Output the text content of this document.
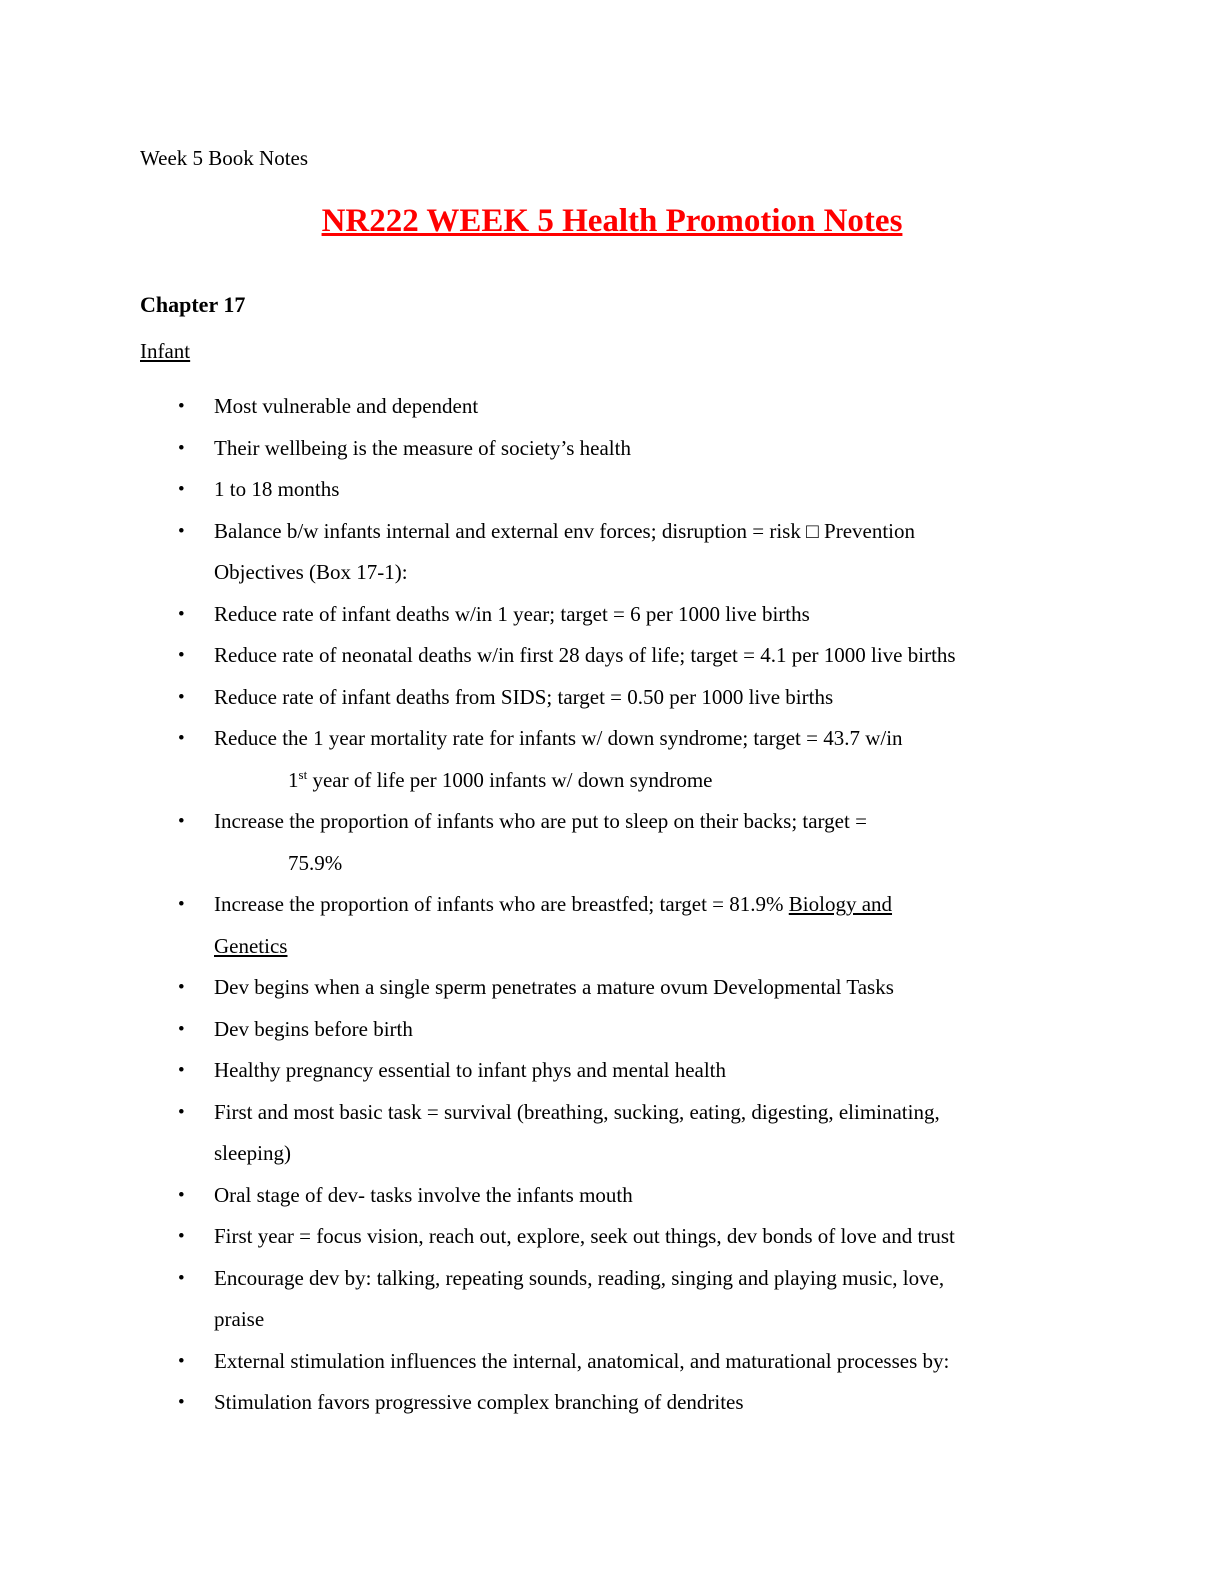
Week 5 Book Notes
NR222 WEEK 5 Health Promotion Notes
Chapter 17
Infant
• Most vulnerable and dependent
• Their wellbeing is the measure of society’s health
• 1 to 18 months
• Balance b/w infants internal and external env forces; disruption = risk □ Prevention
Objectives (Box 17-1):
• Reduce rate of infant deaths w/in 1 year; target = 6 per 1000 live births
• Reduce rate of neonatal deaths w/in first 28 days of life; target = 4.1 per 1000 live births
• Reduce rate of infant deaths from SIDS; target = 0.50 per 1000 live births
• Reduce the 1 year mortality rate for infants w/ down syndrome; target = 43.7 w/in
1st year of life per 1000 infants w/ down syndrome
• Increase the proportion of infants who are put to sleep on their backs; target =
75.9%
• Increase the proportion of infants who are breastfed; target = 81.9% Biology and
Genetics
• Dev begins when a single sperm penetrates a mature ovum Developmental Tasks
• Dev begins before birth
• Healthy pregnancy essential to infant phys and mental health
• First and most basic task = survival (breathing, sucking, eating, digesting, eliminating,
sleeping)
• Oral stage of dev- tasks involve the infants mouth
• First year = focus vision, reach out, explore, seek out things, dev bonds of love and trust
• Encourage dev by: talking, repeating sounds, reading, singing and playing music, love,
praise
• External stimulation influences the internal, anatomical, and maturational processes by:
• Stimulation favors progressive complex branching of dendrites
